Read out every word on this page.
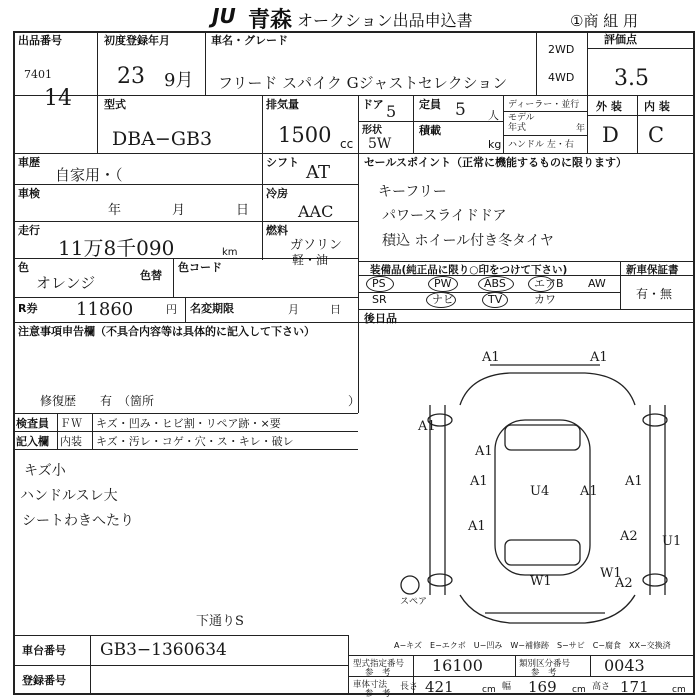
JU 青森 オークション出品申込書	①商 組 用
出品番号
7401
14
初度登録年月
23 9月
車名・グレード
フリード スパイク Gジャストセレクション
2WD
4WD
評価点
3.5
型式
DBA−GB3
排気量
1500 cc
ドア 5 定員 5 人
形状
5W
積載
kg
ディーラー・並行
モデル
年式	年
ハンドル 左・右
外 装 内 装
D C
車歴
自家用・（
シフト AT
車検
年	月	日
冷房
AAC
走行
11万8千090	km
燃料
ガソリン
軽・油
色
オレンジ	色替
色コード
R券 11860	円 名変期限	月	日
セールスポイント（正常に機能するものに限ります）
キーフリー
パワースライドドア
積込 ホイール付き冬タイヤ
装備品(純正品に限り○印をつけて下さい)	新車保証書
PS	PW	ABS	エアB AW
SR	ナビ	TV	カワ	有・無
後日品
注意事項申告欄（不具合内容等は具体的に記入して下さい）
修復歴　　有　（箇所	）
検査員
記入欄
ＦＷ キズ・凹み・ヒビ割・リペア跡・×要
内装 キズ・汚レ・コゲ・穴・ス・キレ・破レ
キズ小
ハンドルスレ大
シートわきへたり
下通りS
A1	A1
A1
A1
A1
U4
A1
A1
A2 U1
W1
W1
A2
A1
スペア
A−キズ　E−エクボ　U−凹み　W−補修跡　S−サビ　C−腐食　XX−交換済
車台番号 GB3−1360634
登録番号
型式指定番号
参　考	16100	類別区分番号
参　考	0043
車体寸法
参　考
長さ 421	cm 幅 169 cm 高さ 171	cm
